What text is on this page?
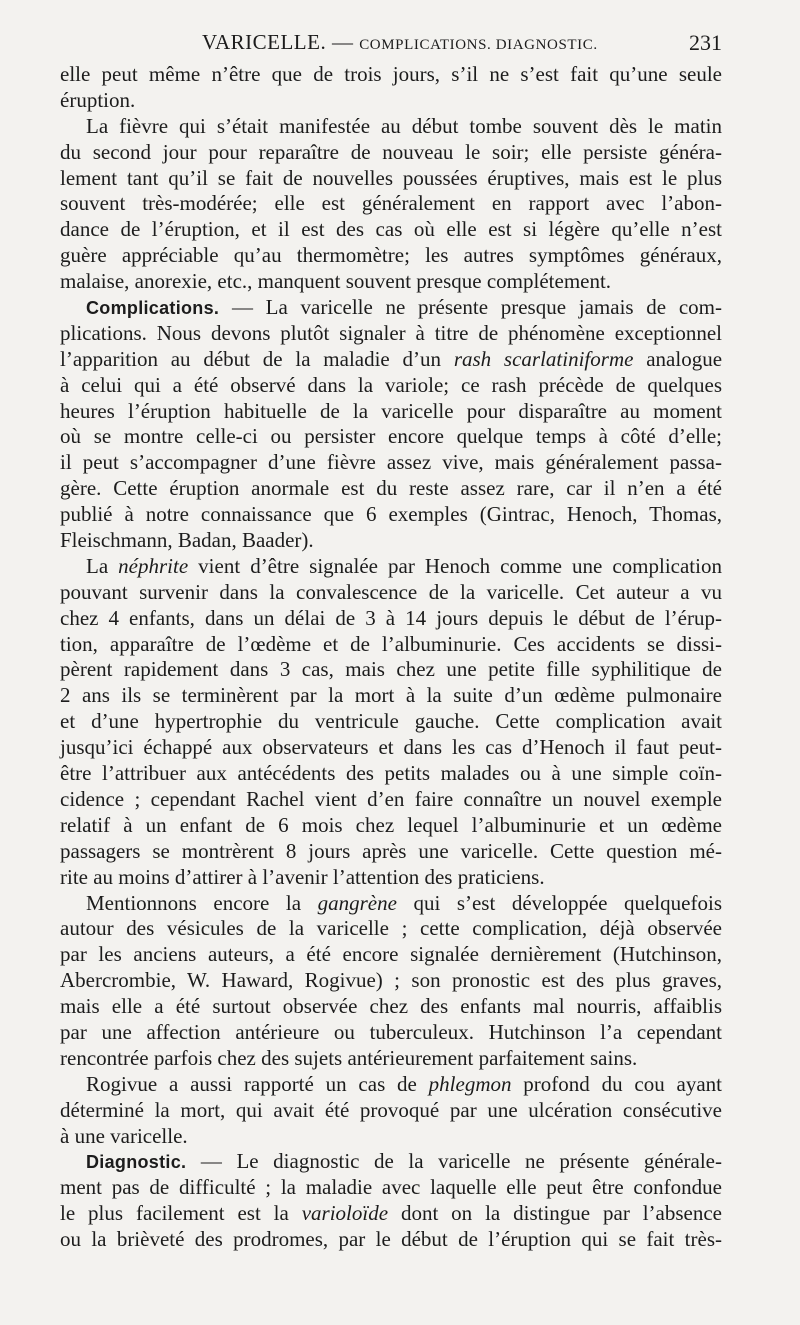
VARICELLE. — COMPLICATIONS. DIAGNOSTIC.	231
elle peut même n’être que de trois jours, s’il ne s’est fait qu’une seule
éruption.
La fièvre qui s’était manifestée au début tombe souvent dès le matin
du second jour pour reparaître de nouveau le soir; elle persiste généra-
lement tant qu’il se fait de nouvelles poussées éruptives, mais est le plus
souvent très-modérée; elle est généralement en rapport avec l’abon-
dance de l’éruption, et il est des cas où elle est si légère qu’elle n’est
guère appréciable qu’au thermomètre; les autres symptômes généraux,
malaise, anorexie, etc., manquent souvent presque complétement.
Complications. — La varicelle ne présente presque jamais de com-
plications. Nous devons plutôt signaler à titre de phénomène exceptionnel
l’apparition au début de la maladie d’un rash scarlatiniforme analogue
à celui qui a été observé dans la variole; ce rash précède de quelques
heures l’éruption habituelle de la varicelle pour disparaître au moment
où se montre celle-ci ou persister encore quelque temps à côté d’elle;
il peut s’accompagner d’une fièvre assez vive, mais généralement passa-
gère. Cette éruption anormale est du reste assez rare, car il n’en a été
publié à notre connaissance que 6 exemples (Gintrac, Henoch, Thomas,
Fleischmann, Badan, Baader).
La néphrite vient d’être signalée par Henoch comme une complication
pouvant survenir dans la convalescence de la varicelle. Cet auteur a vu
chez 4 enfants, dans un délai de 3 à 14 jours depuis le début de l’érup-
tion, apparaître de l’œdème et de l’albuminurie. Ces accidents se dissi-
pèrent rapidement dans 3 cas, mais chez une petite fille syphilitique de
2 ans ils se terminèrent par la mort à la suite d’un œdème pulmonaire
et d’une hypertrophie du ventricule gauche. Cette complication avait
jusqu’ici échappé aux observateurs et dans les cas d’Henoch il faut peut-
être l’attribuer aux antécédents des petits malades ou à une simple coïn-
cidence ; cependant Rachel vient d’en faire connaître un nouvel exemple
relatif à un enfant de 6 mois chez lequel l’albuminurie et un œdème
passagers se montrèrent 8 jours après une varicelle. Cette question mé-
rite au moins d’attirer à l’avenir l’attention des praticiens.
Mentionnons encore la gangrène qui s’est développée quelquefois
autour des vésicules de la varicelle ; cette complication, déjà observée
par les anciens auteurs, a été encore signalée dernièrement (Hutchinson,
Abercrombie, W. Haward, Rogivue) ; son pronostic est des plus graves,
mais elle a été surtout observée chez des enfants mal nourris, affaiblis
par une affection antérieure ou tuberculeux. Hutchinson l’a cependant
rencontrée parfois chez des sujets antérieurement parfaitement sains.
Rogivue a aussi rapporté un cas de phlegmon profond du cou ayant
déterminé la mort, qui avait été provoqué par une ulcération consécutive
à une varicelle.
Diagnostic. — Le diagnostic de la varicelle ne présente générale-
ment pas de difficulté ; la maladie avec laquelle elle peut être confondue
le plus facilement est la varioloïde dont on la distingue par l’absence
ou la brièveté des prodromes, par le début de l’éruption qui se fait très-
